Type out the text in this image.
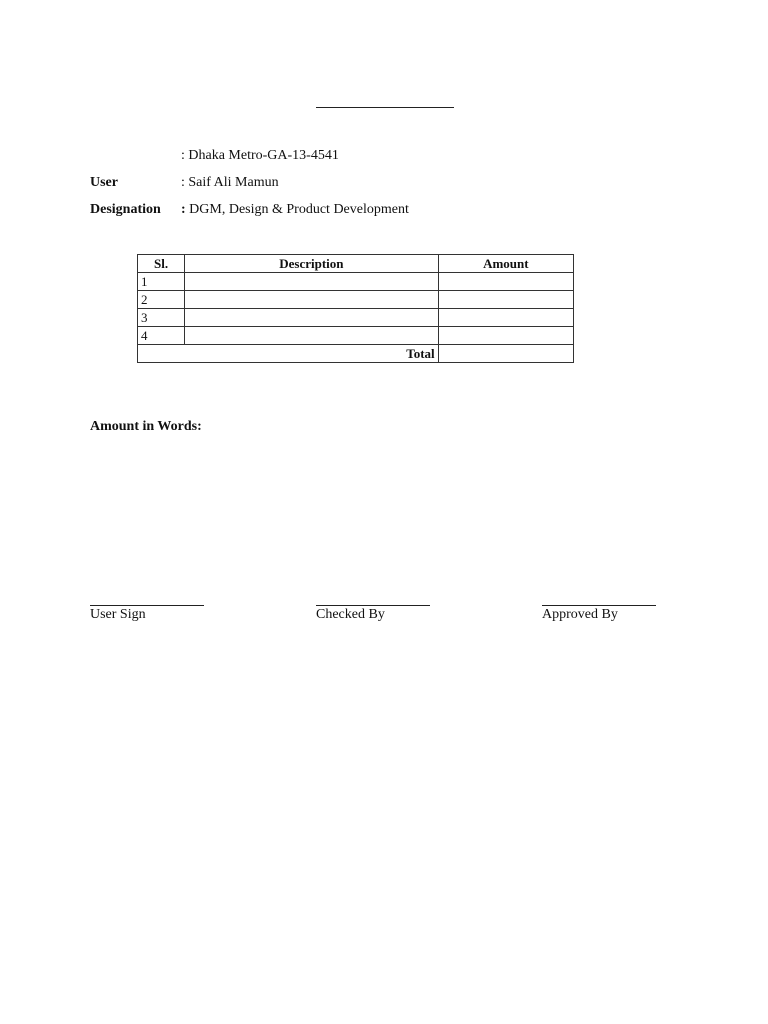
: Dhaka Metro-GA-13-4541
User	: Saif Ali Mamun
Designation : DGM, Design & Product Development
Sl.	Description	Amount
1		
2		
3		
4		
Total		
Amount in Words:
User Sign	Checked By	Approved By
